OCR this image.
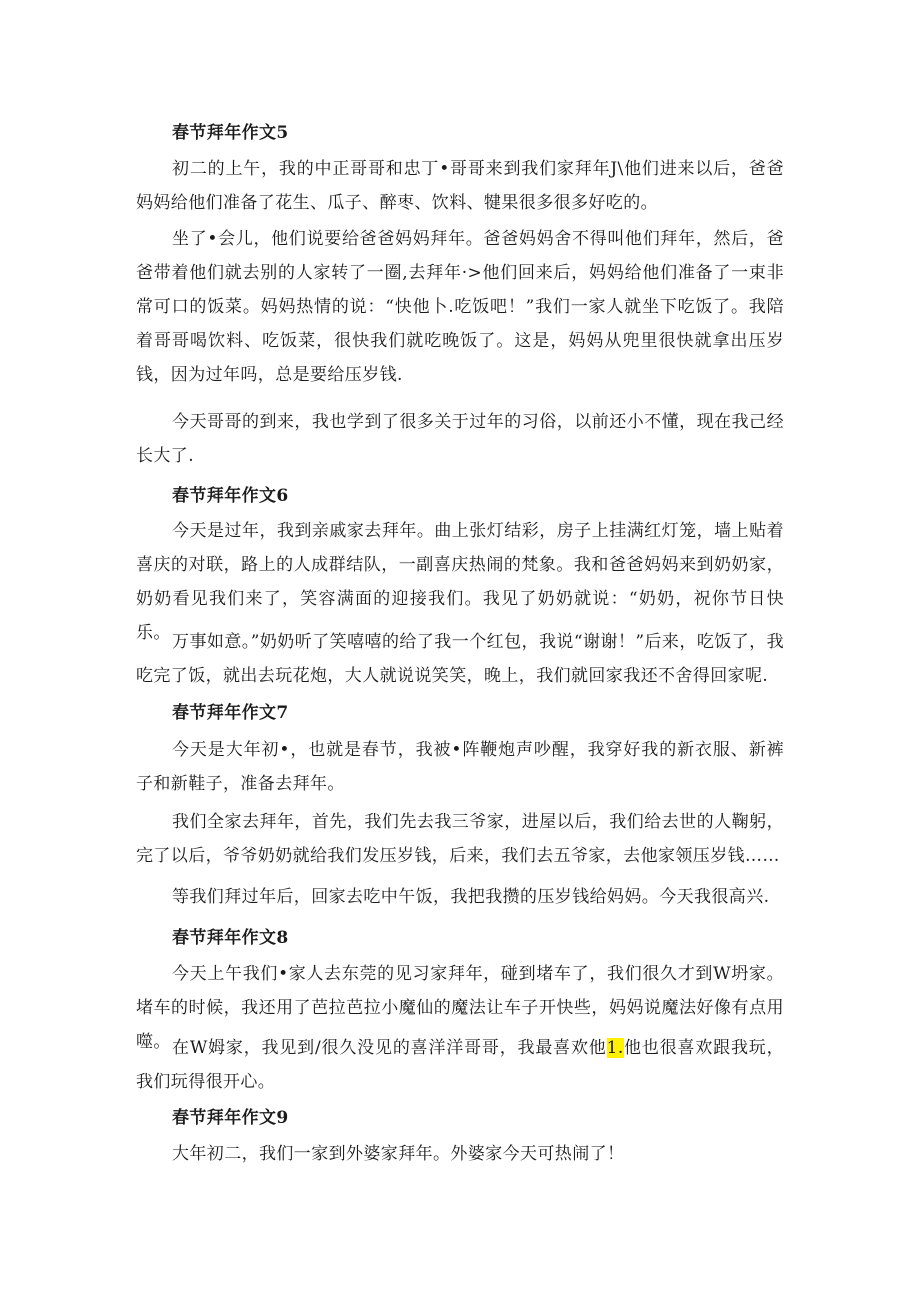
春节拜年作文5

初二的上午，我的中正哥哥和忠丁•哥哥来到我们家拜年J\他们进来以后，爸爸妈妈给他们准备了花生、瓜子、醉枣、饮料、犍果很多很多好吃的。

坐了•会儿，他们说要给爸爸妈妈拜年。爸爸妈妈舍不得叫他们拜年，然后，爸爸带着他们就去别的人家转了一圈,去拜年·>他们回来后，妈妈给他们准备了一束非常可口的饭菜。妈妈热情的说：“快他卜.吃饭吧！”我们一家人就坐下吃饭了。我陪着哥哥喝饮料、吃饭菜，很快我们就吃晚饭了。这是，妈妈从兜里很快就拿出压岁钱，因为过年吗，总是要给压岁钱.

今天哥哥的到来，我也学到了很多关于过年的习俗，以前还小不懂，现在我己经长大了.

春节拜年作文6

今天是过年，我到亲戚家去拜年。曲上张灯结彩，房子上挂满红灯笼，墙上贴着喜庆的对联，路上的人成群结队，一副喜庆热闹的梵象。我和爸爸妈妈来到奶奶家，奶奶看见我们来了，笑容满面的迎接我们。我见了奶奶就说：“奶奶，祝你节日快乐。 万事如意。”奶奶听了笑嘻嘻的给了我一个红包，我说“谢谢！”后来，吃饭了，我吃完了饭，就出去玩花炮，大人就说说笑笑，晚上，我们就回家我还不舍得回家呢.

春节拜年作文7

今天是大年初•，也就是春节，我被•阵鞭炮声吵醒，我穿好我的新衣服、新裤子和新鞋子，准备去拜年。

我们全家去拜年，首先，我们先去我三爷家，进屋以后，我们给去世的人鞠躬，完了以后，爷爷奶奶就给我们发压岁钱，后来，我们去五爷家，去他家领压岁钱……

等我们拜过年后，回家去吃中午饭，我把我攒的压岁钱给妈妈。今天我很高兴.

春节拜年作文8

今天上午我们•家人去东莞的见习家拜年，碰到堵车了，我们很久才到W坍家。堵车的时候，我还用了芭拉芭拉小魔仙的魔法让车子开快些，妈妈说魔法好像有点用噬。 在W姆家，我见到/很久没见的喜洋洋哥哥，我最喜欢他1.他也很喜欢跟我玩，我们玩得很开心。

春节拜年作文9

大年初二，我们一家到外婆家拜年。外婆家今天可热闹了！
